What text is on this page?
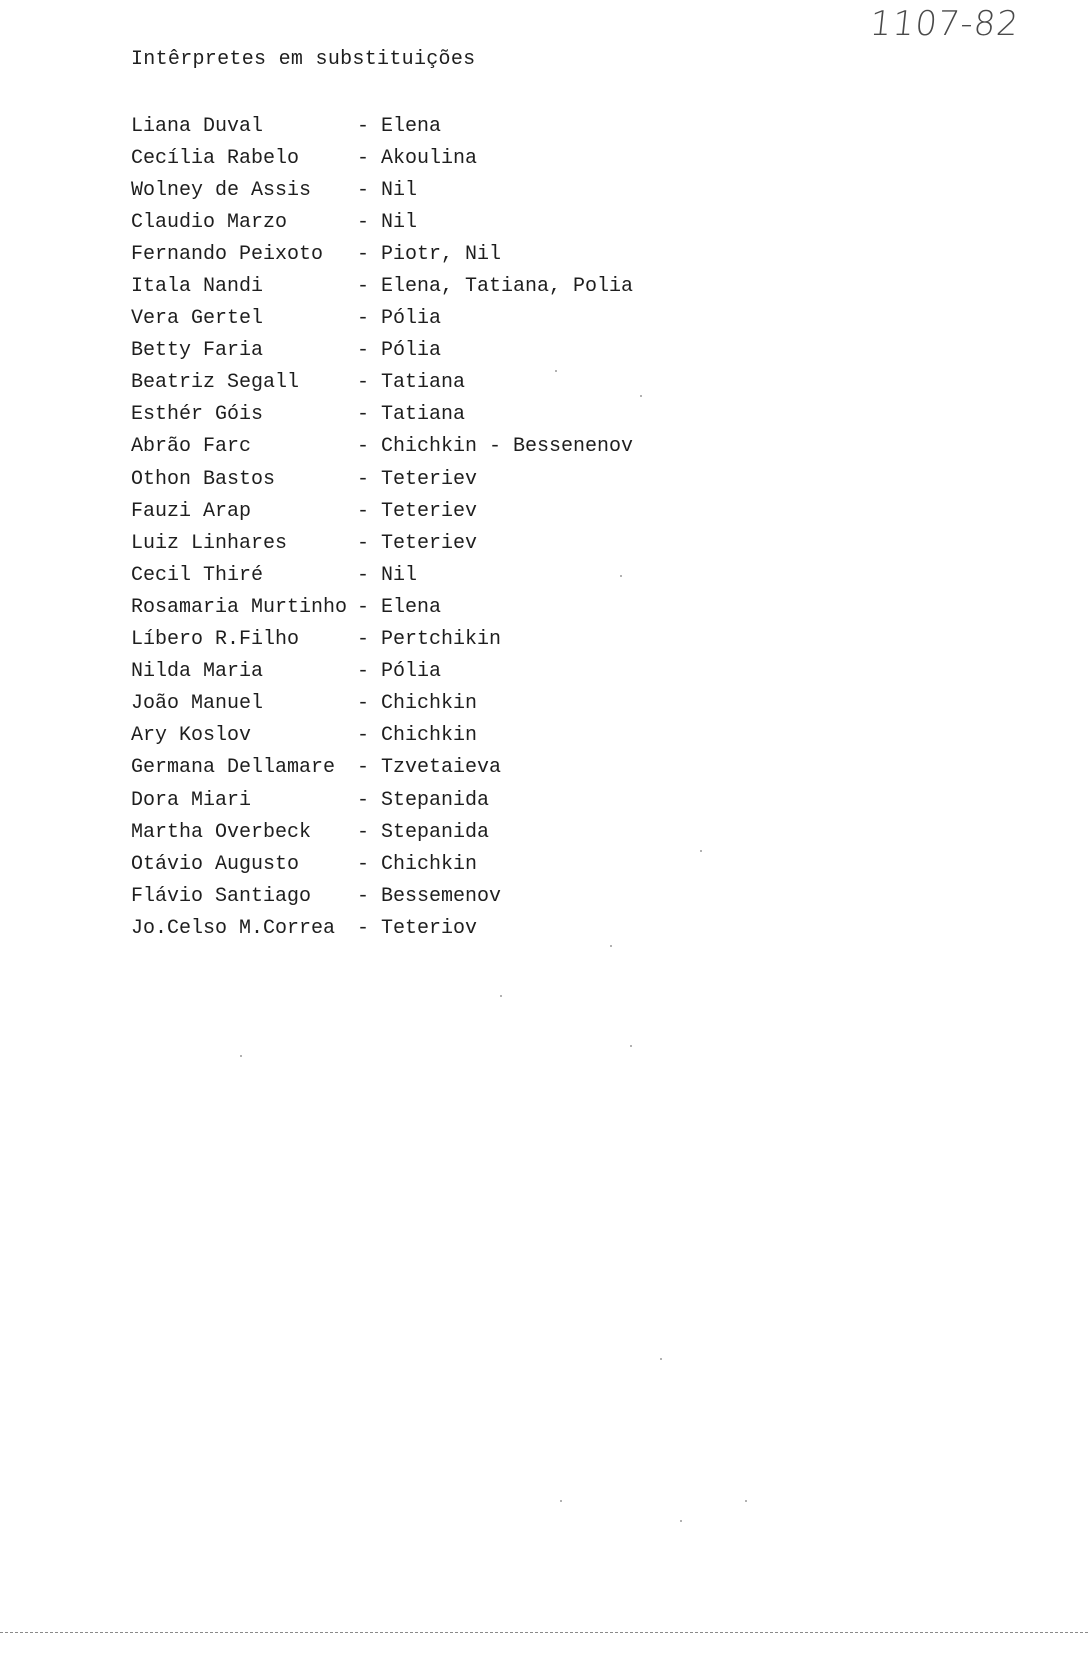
1107-82
Intêrpretes em substituições
Liana Duval	- Elena
Cecília Rabelo	- Akoulina
Wolney de Assis	- Nil
Claudio Marzo	- Nil
Fernando Peixoto	- Piotr, Nil
Itala Nandi	- Elena, Tatiana, Polia
Vera Gertel	- Pólia
Betty Faria	- Pólia
Beatriz Segall	- Tatiana
Esthér Góis	- Tatiana
Abrão Farc	- Chichkin - Bessenenov
Othon Bastos	- Teteriev
Fauzi Arap	- Teteriev
Luiz Linhares	- Teteriev
Cecil Thiré	- Nil
Rosamaria Murtinho - Elena
Líbero R.Filho	- Pertchikin
Nilda Maria	- Pólia
João Manuel	- Chichkin
Ary Koslov	- Chichkin
Germana Dellamare	- Tzvetaieva
Dora Miari	- Stepanida
Martha Overbeck	- Stepanida
Otávio Augusto	- Chichkin
Flávio Santiago	- Bessemenov
Jo.Celso M.Correa	- Teteriov
